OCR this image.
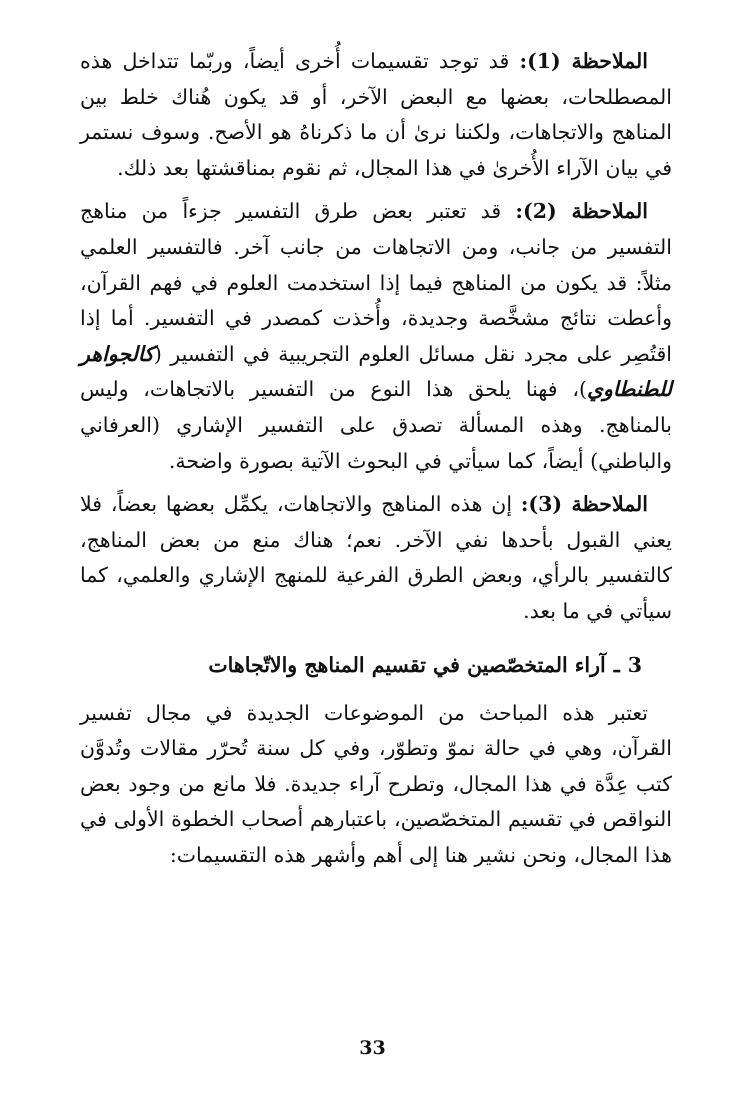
الملاحظة (1): قد توجد تقسيمات أُخرى أيضاً، وربّما تتداخل هذه المصطلحات، بعضها مع البعض الآخر، أو قد يكون هُناك خلط بين المناهج والاتجاهات، ولكننا نرىٰ أن ما ذكرناهُ هو الأصح. وسوف نستمر في بيان الآراء الأُخرىٰ في هذا المجال، ثم نقوم بمناقشتها بعد ذلك.

الملاحظة (2): قد تعتبر بعض طرق التفسير جزءاً من مناهج التفسير من جانب، ومن الاتجاهات من جانب آخر. فالتفسير العلمي مثلاً: قد يكون من المناهج فيما إذا استخدمت العلوم في فهم القرآن، وأعطت نتائج مشخَّصة وجديدة، وأُخذت كمصدر في التفسير. أما إذا اقتُصِر على مجرد نقل مسائل العلوم التجريبية في التفسير (كالجواهر للطنطاوي)، فهنا يلحق هذا النوع من التفسير بالاتجاهات، وليس بالمناهج. وهذه المسألة تصدق على التفسير الإشاري (العرفاني والباطني) أيضاً، كما سيأتي في البحوث الآتية بصورة واضحة.

الملاحظة (3): إن هذه المناهج والاتجاهات، يكمِّل بعضها بعضاً، فلا يعني القبول بأحدها نفي الآخر. نعم؛ هناك منع من بعض المناهج، كالتفسير بالرأي، وبعض الطرق الفرعية للمنهج الإشاري والعلمي، كما سيأتي في ما بعد.

3
ـ
آراء المتخصّصين في تقسيم المناهج والاتّجاهات

تعتبر هذه المباحث من الموضوعات الجديدة في مجال تفسير القرآن، وهي في حالة نموّ وتطوّر، وفي كل سنة تُحرّر مقالات وتُدوَّن كتب عِدَّة في هذا المجال، وتطرح آراء جديدة. فلا مانع من وجود بعض النواقص في تقسيم المتخصّصين، باعتبارهم أصحاب الخطوة الأولى في هذا المجال، ونحن نشير هنا إلى أهم وأشهر هذه التقسيمات:

33
